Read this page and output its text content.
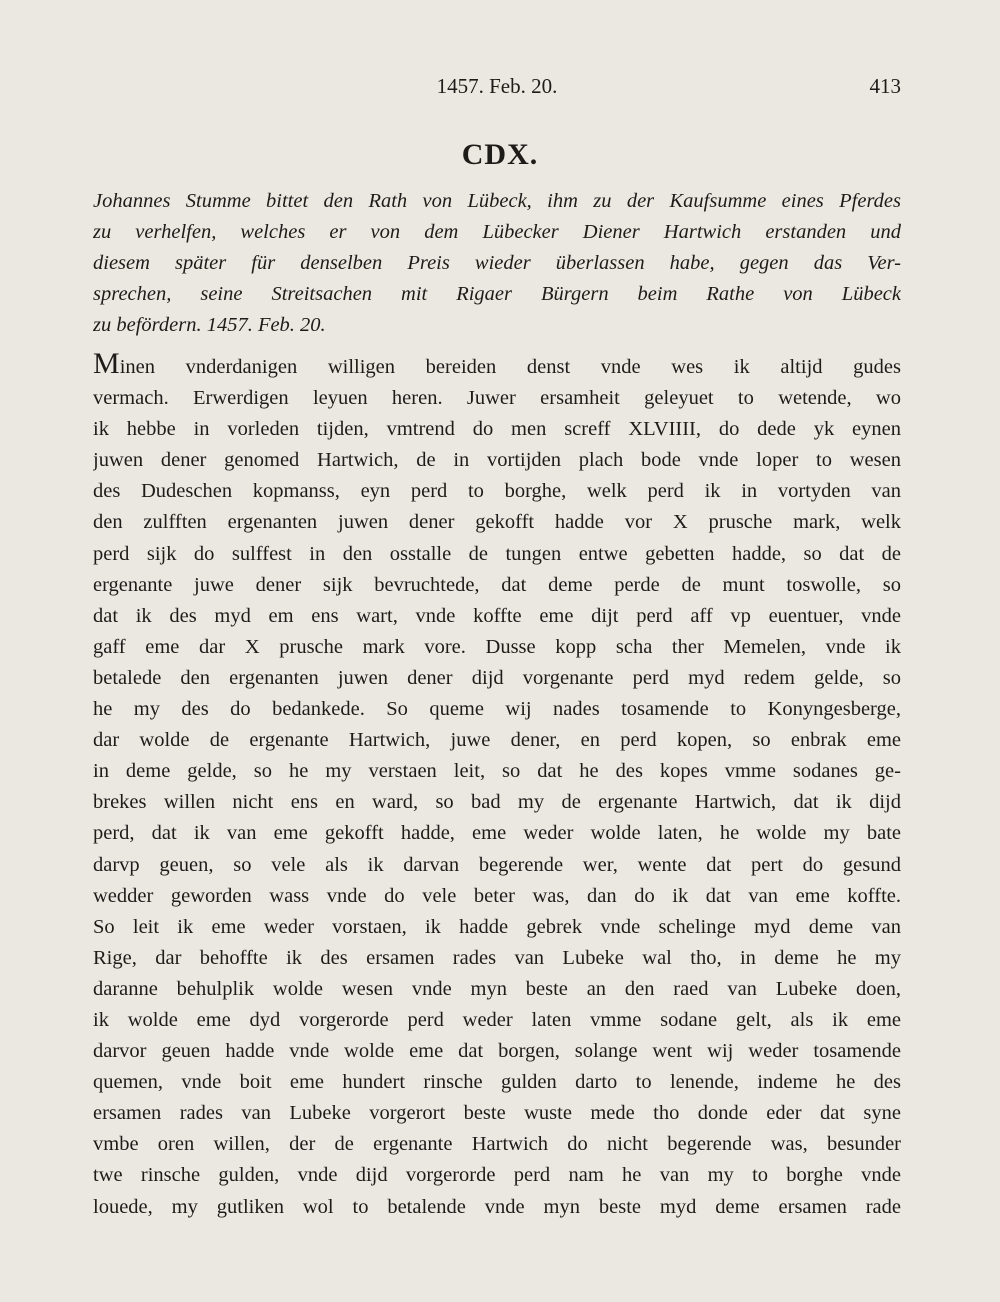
1457. Feb. 20.	413
CDX.
Johannes Stumme bittet den Rath von Lübeck, ihm zu der Kaufsumme eines Pferdes
zu verhelfen, welches er von dem Lübecker Diener Hartwich erstanden und
diesem später für denselben Preis wieder überlassen habe, gegen das Ver-
sprechen, seine Streitsachen mit Rigaer Bürgern beim Rathe von Lübeck
zu befördern. 1457. Feb. 20.
Minen vnderdanigen willigen bereiden denst vnde wes ik altijd gudes
vermach. Erwerdigen leyuen heren. Juwer ersamheit geleyuet to wetende, wo
ik hebbe in vorleden tijden, vmtrend do men screff XLVIIII, do dede yk eynen
juwen dener genomed Hartwich, de in vortijden plach bode vnde loper to wesen
des Dudeschen kopmanss, eyn perd to borghe, welk perd ik in vortyden van
den zulfften ergenanten juwen dener gekofft hadde vor X prusche mark, welk
perd sijk do sulffest in den osstalle de tungen entwe gebetten hadde, so dat de
ergenante juwe dener sijk bevruchtede, dat deme perde de munt toswolle, so
dat ik des myd em ens wart, vnde koffte eme dijt perd aff vp euentuer, vnde
gaff eme dar X prusche mark vore. Dusse kopp scha ther Memelen, vnde ik
betalede den ergenanten juwen dener dijd vorgenante perd myd redem gelde, so
he my des do bedankede. So queme wij nades tosamende to Konyngesberge,
dar wolde de ergenante Hartwich, juwe dener, en perd kopen, so enbrak eme
in deme gelde, so he my verstaen leit, so dat he des kopes vmme sodanes ge-
brekes willen nicht ens en ward, so bad my de ergenante Hartwich, dat ik dijd
perd, dat ik van eme gekofft hadde, eme weder wolde laten, he wolde my bate
darvp geuen, so vele als ik darvan begerende wer, wente dat pert do gesund
wedder geworden wass vnde do vele beter was, dan do ik dat van eme koffte.
So leit ik eme weder vorstaen, ik hadde gebrek vnde schelinge myd deme van
Rige, dar behoffte ik des ersamen rades van Lubeke wal tho, in deme he my
daranne behulplik wolde wesen vnde myn beste an den raed van Lubeke doen,
ik wolde eme dyd vorgerorde perd weder laten vmme sodane gelt, als ik eme
darvor geuen hadde vnde wolde eme dat borgen, solange went wij weder tosamende
quemen, vnde boit eme hundert rinsche gulden darto to lenende, indeme he des
ersamen rades van Lubeke vorgerort beste wuste mede tho donde eder dat syne
vmbe oren willen, der de ergenante Hartwich do nicht begerende was, besunder
twe rinsche gulden, vnde dijd vorgerorde perd nam he van my to borghe vnde
louede, my gutliken wol to betalende vnde myn beste myd deme ersamen rade
